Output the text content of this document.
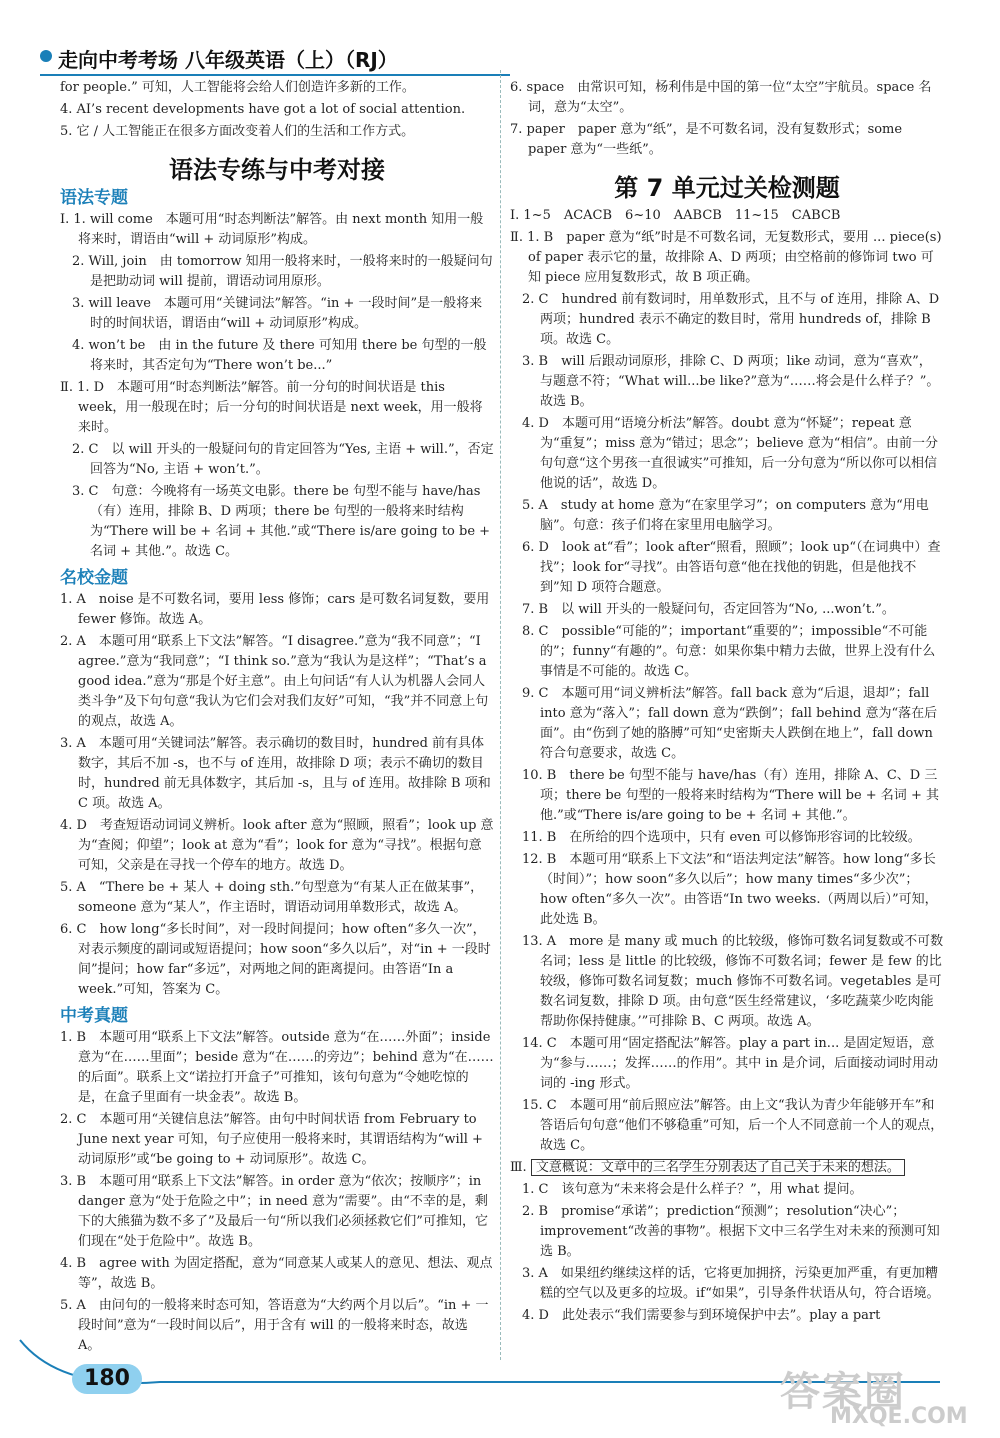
走向中考考场 八年级英语（上）（RJ）

for people.” 可知，人工智能将会给人们创造许多新的工作。

4. AI’s recent developments have got a lot of social attention.

5. 它 / 人工智能正在很多方面改变着人们的生活和工作方式。

语法专练与中考对接
语法专题

Ⅰ. 1. will come　本题可用“时态判断法”解答。由 next month 知用一般将来时，谓语由“will + 动词原形”构成。

2. Will, join　由 tomorrow 知用一般将来时，一般将来时的一般疑问句是把助动词 will 提前，谓语动词用原形。

3. will leave　本题可用“关键词法”解答。“in + 一段时间”是一般将来时的时间状语，谓语由“will + 动词原形”构成。

4. won’t be　由 in the future 及 there 可知用 there be 句型的一般将来时，其否定句为“There won’t be...”

Ⅱ. 1. D　本题可用“时态判断法”解答。前一分句的时间状语是 this week，用一般现在时；后一分句的时间状语是 next week，用一般将来时。

2. C　以 will 开头的一般疑问句的肯定回答为“Yes, 主语 + will.”，否定回答为“No, 主语 + won’t.”。

3. C　句意：今晚将有一场英文电影。there be 句型不能与 have/has（有）连用，排除 B、D 两项；there be 句型的一般将来时结构为“There will be + 名词 + 其他.”或“There is/are going to be + 名词 + 其他.”。故选 C。

名校金题

1. A　noise 是不可数名词，要用 less 修饰；cars 是可数名词复数，要用 fewer 修饰。故选 A。

2. A　本题可用“联系上下文法”解答。“I disagree.”意为“我不同意”；“I agree.”意为“我同意”；“I think so.”意为“我认为是这样”；“That’s a good idea.”意为“那是个好主意”。由上句问话“有人认为机器人会同人类斗争”及下句句意“我认为它们会对我们友好”可知，“我”并不同意上句的观点，故选 A。

3. A　本题可用“关键词法”解答。表示确切的数目时，hundred 前有具体数字，其后不加 -s，也不与 of 连用，故排除 D 项；表示不确切的数目时，hundred 前无具体数字，其后加 -s，且与 of 连用。故排除 B 项和 C 项。故选 A。

4. D　考查短语动词词义辨析。look after 意为“照顾，照看”；look up 意为“查阅；仰望”；look at 意为“看”；look for 意为“寻找”。根据句意可知，父亲是在寻找一个停车的地方。故选 D。

5. A　“There be + 某人 + doing sth.”句型意为“有某人正在做某事”，someone 意为“某人”，作主语时，谓语动词用单数形式，故选 A。

6. C　how long“多长时间”，对一段时间提问；how often“多久一次”，对表示频度的副词或短语提问；how soon“多久以后”，对“in + 一段时间”提问；how far“多远”，对两地之间的距离提问。由答语“In a week.”可知，答案为 C。

中考真题

1. B　本题可用“联系上下文法”解答。outside 意为“在……外面”；inside 意为“在……里面”；beside 意为“在……的旁边”；behind 意为“在……的后面”。联系上文“诺拉打开盒子”可推知，该句句意为“令她吃惊的是，在盒子里面有一块金表”。故选 B。

2. C　本题可用“关键信息法”解答。由句中时间状语 from February to June next year 可知，句子应使用一般将来时，其谓语结构为“will + 动词原形”或“be going to + 动词原形”。故选 C。

3. B　本题可用“联系上下文法”解答。in order 意为“依次；按顺序”；in danger 意为“处于危险之中”；in need 意为“需要”。由“不幸的是，剩下的大熊猫为数不多了”及最后一句“所以我们必须拯救它们”可推知，它们现在“处于危险中”。故选 B。

4. B　agree with 为固定搭配，意为“同意某人或某人的意见、想法、观点等”，故选 B。

5. A　由问句的一般将来时态可知，答语意为“大约两个月以后”。“in + 一段时间”意为“一段时间以后”，用于含有 will 的一般将来时态，故选 A。

6. space　由常识可知，杨利伟是中国的第一位“太空”宇航员。space 名词，意为“太空”。

7. paper　paper 意为“纸”，是不可数名词，没有复数形式；some paper 意为“一些纸”。

第 7 单元过关检测题

Ⅰ. 1~5　ACACB　6~10　AABCB　11~15　CABCB

Ⅱ. 1. B　paper 意为“纸”时是不可数名词，无复数形式，要用 ... piece(s) of paper 表示它的量，故排除 A、D 两项；由空格前的修饰词 two 可知 piece 应用复数形式，故 B 项正确。

2. C　hundred 前有数词时，用单数形式，且不与 of 连用，排除 A、D 两项；hundred 表示不确定的数目时，常用 hundreds of，排除 B 项。故选 C。

3. B　will 后跟动词原形，排除 C、D 两项；like 动词，意为“喜欢”，与题意不符；“What will...be like?”意为“……将会是什么样子？”。故选 B。

4. D　本题可用“语境分析法”解答。doubt 意为“怀疑”；repeat 意为“重复”；miss 意为“错过；思念”；believe 意为“相信”。由前一分句句意“这个男孩一直很诚实”可推知，后一分句意为“所以你可以相信他说的话”，故选 D。

5. A　study at home 意为“在家里学习”；on computers 意为“用电脑”。句意：孩子们将在家里用电脑学习。

6. D　look at“看”；look after“照看，照顾”；look up“（在词典中）查找”；look for“寻找”。由答语句意“他在找他的钥匙，但是他找不到”知 D 项符合题意。

7. B　以 will 开头的一般疑问句，否定回答为“No, ...won’t.”。

8. C　possible“可能的”；important“重要的”；impossible“不可能的”；funny“有趣的”。句意：如果你集中精力去做，世界上没有什么事情是不可能的。故选 C。

9. C　本题可用“词义辨析法”解答。fall back 意为“后退，退却”；fall into 意为“落入”；fall down 意为“跌倒”；fall behind 意为“落在后面”。由“伤到了她的胳膊”可知“史密斯夫人跌倒在地上”，fall down 符合句意要求，故选 C。

10. B　there be 句型不能与 have/has（有）连用，排除 A、C、D 三项；there be 句型的一般将来时结构为“There will be + 名词 + 其他.”或“There is/are going to be + 名词 + 其他.”。

11. B　在所给的四个选项中，只有 even 可以修饰形容词的比较级。

12. B　本题可用“联系上下文法”和“语法判定法”解答。how long“多长（时间）”；how soon“多久以后”；how many times“多少次”；how often“多久一次”。由答语“In two weeks.（两周以后）”可知，此处选 B。

13. A　more 是 many 或 much 的比较级，修饰可数名词复数或不可数名词；less 是 little 的比较级，修饰不可数名词；fewer 是 few 的比较级，修饰可数名词复数；much 修饰不可数名词。vegetables 是可数名词复数，排除 D 项。由句意“医生经常建议，‘多吃蔬菜少吃肉能帮助你保持健康。’”可排除 B、C 两项。故选 A。

14. C　本题可用“固定搭配法”解答。play a part in... 是固定短语，意为“参与……；发挥……的作用”。其中 in 是介词，后面接动词时用动词的 -ing 形式。

15. C　本题可用“前后照应法”解答。由上文“我认为青少年能够开车”和答语后句句意“他们不够稳重”可知，后一个人不同意前一个人的观点，故选 C。

Ⅲ. 文意概说：文章中的三名学生分别表达了自己关于未来的想法。

1. C　该句意为“未来将会是什么样子？”，用 what 提问。

2. B　promise“承诺”；prediction“预测”；resolution“决心”；improvement“改善的事物”。根据下文中三名学生对未来的预测可知选 B。

3. A　如果纽约继续这样的话，它将更加拥挤，污染更加严重，有更加糟糕的空气以及更多的垃圾。if“如果”，引导条件状语从句，符合语境。

4. D　此处表示“我们需要参与到环境保护中去”。play a part

180	答案圈
MXQE.COM
